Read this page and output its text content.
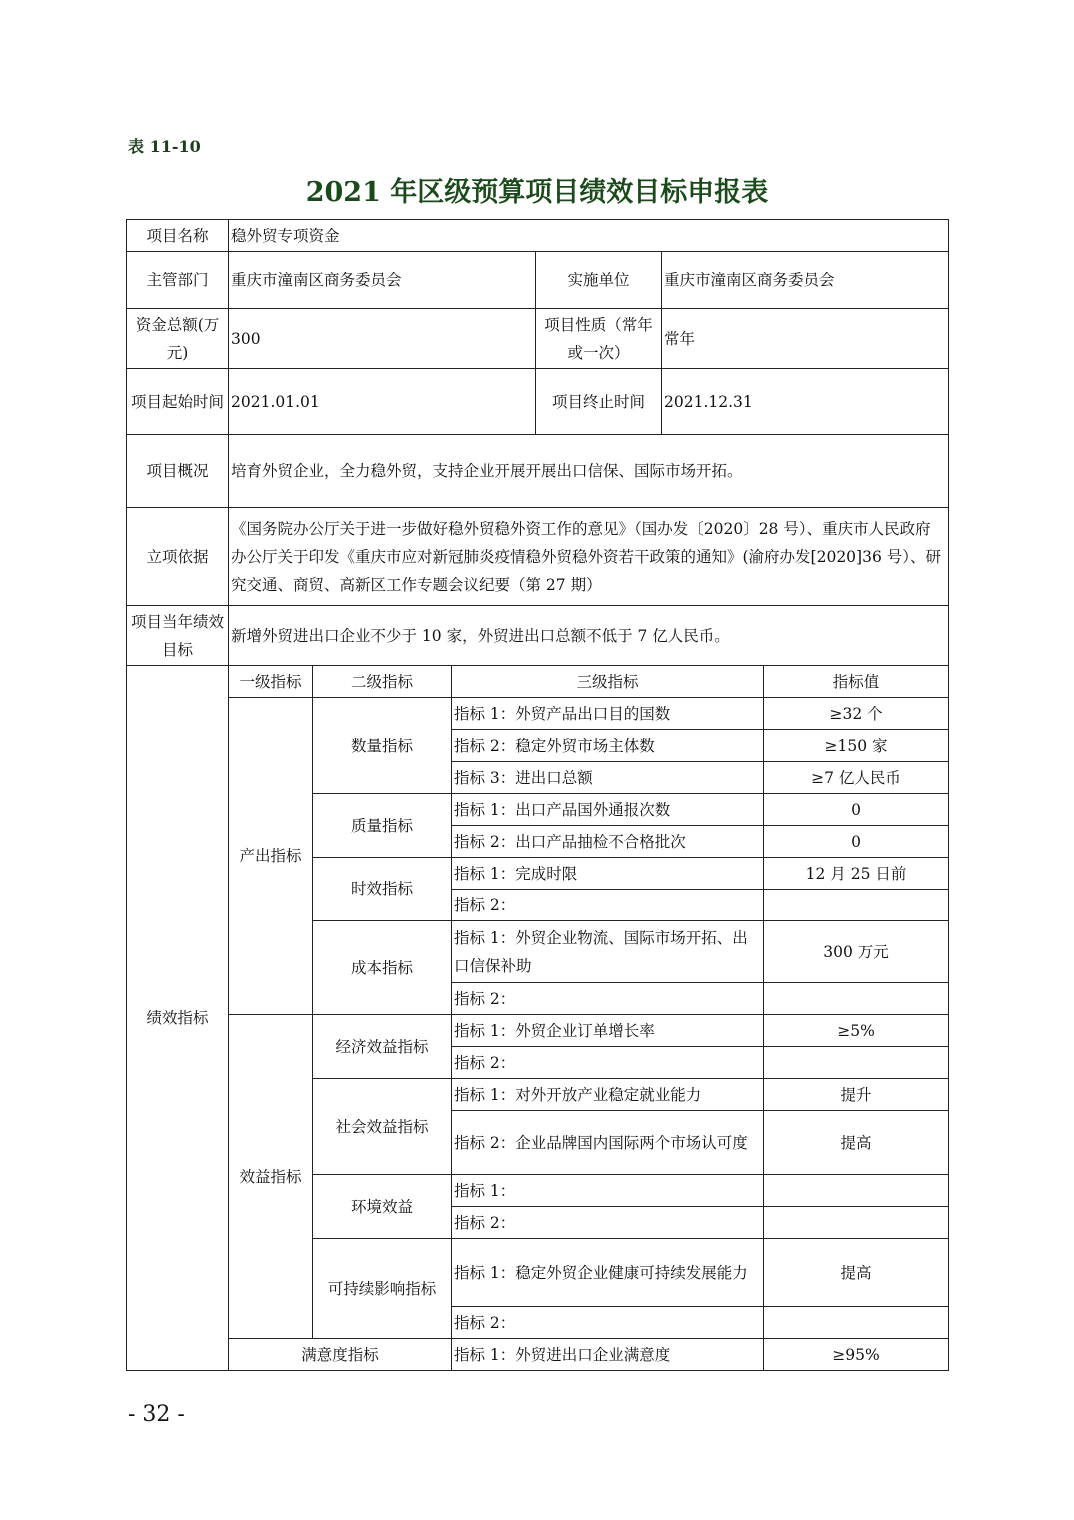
表 11-10
2021 年区级预算项目绩效目标申报表
项目名称	稳外贸专项资金					
主管部门	重庆市潼南区商务委员会			实施单位	重庆市潼南区商务委员会	
资金总额(万元)	300			项目性质（常年或一次）	常年	
项目起始时间	2021.01.01			项目终止时间	2021.12.31	
项目概况	培育外贸企业，全力稳外贸，支持企业开展开展出口信保、国际市场开拓。					
立项依据	《国务院办公厅关于进一步做好稳外贸稳外资工作的意见》（国办发〔2020〕28 号）、重庆市人民政府办公厅关于印发《重庆市应对新冠肺炎疫情稳外贸稳外资若干政策的通知》(渝府办发[2020]36 号）、研究交通、商贸、高新区工作专题会议纪要（第 27 期）					
项目当年绩效目标	新增外贸进出口企业不少于 10 家，外贸进出口总额不低于 7 亿人民币。					
绩效指标	一级指标	二级指标	三级指标			指标值
	产出指标	数量指标	指标 1：外贸产品出口目的国数			≥32 个
			指标 2：稳定外贸市场主体数			≥150 家
			指标 3：进出口总额			≥7 亿人民币
		质量指标	指标 1：出口产品国外通报次数			0
			指标 2：出口产品抽检不合格批次			0
		时效指标	指标 1：完成时限			12 月 25 日前
			指标 2：			
		成本指标	指标 1：外贸企业物流、国际市场开拓、出口信保补助			300 万元
			指标 2：			
	效益指标	经济效益指标	指标 1：外贸企业订单增长率			≥5%
			指标 2：			
		社会效益指标	指标 1：对外开放产业稳定就业能力			提升
			指标 2：企业品牌国内国际两个市场认可度			提高
		环境效益	指标 1：			
			指标 2：			
		可持续影响指标	指标 1：稳定外贸企业健康可持续发展能力			提高
			指标 2：			
	满意度指标		指标 1：外贸进出口企业满意度			≥95%
- 32 -
